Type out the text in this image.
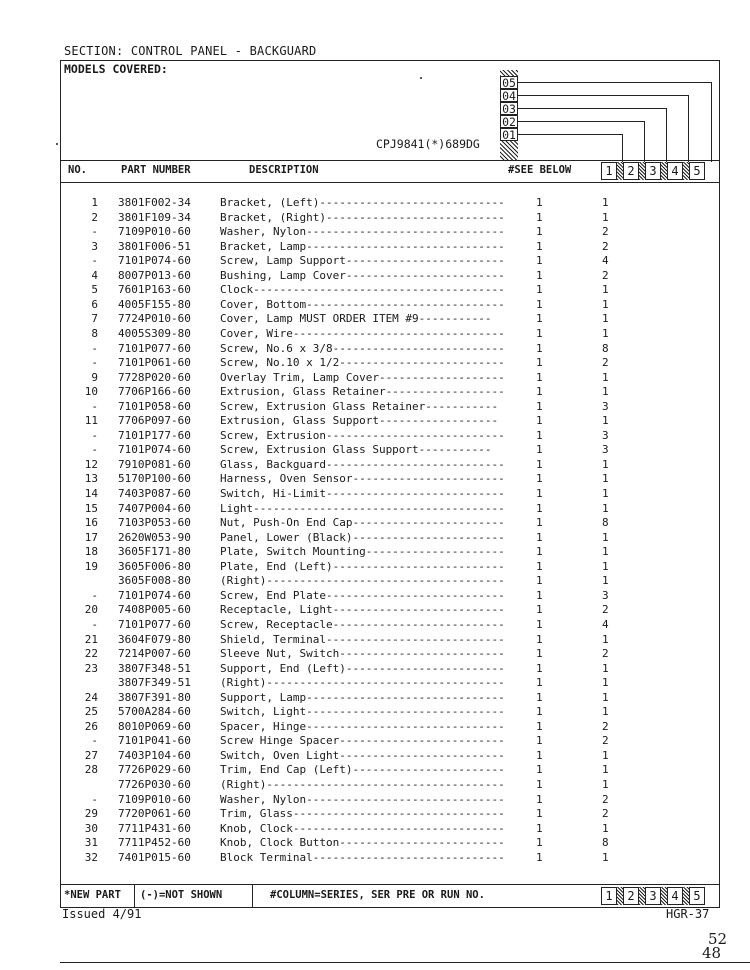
SECTION: CONTROL PANEL - BACKGUARD
MODELS COVERED:
CPJ9841(*)689DG
05
04
03
02
01
NO.	PART NUMBER	DESCRIPTION	#SEE BELOW	1	2	3	4	5
1 3801F002-34	Bracket, (Left)----------------------------	1	1
2 3801F109-34	Bracket, (Right)---------------------------	1	1
- 7109P010-60	Washer, Nylon------------------------------	1	2
3 3801F006-51	Bracket, Lamp------------------------------	1	2
- 7101P074-60	Screw, Lamp Support------------------------	1	4
4 8007P013-60	Bushing, Lamp Cover------------------------	1	2
5 7601P163-60	Clock--------------------------------------	1	1
6 4005F155-80	Cover, Bottom------------------------------	1	1
7 7724P010-60	Cover, Lamp MUST ORDER ITEM #9-----------	1	1
8 4005S309-80	Cover, Wire--------------------------------	1	1
- 7101P077-60	Screw, No.6 x 3/8--------------------------	1	8
- 7101P061-60	Screw, No.10 x 1/2-------------------------	1	2
9 7728P020-60	Overlay Trim, Lamp Cover-------------------	1	1
10 7706P166-60	Extrusion, Glass Retainer------------------	1	1
- 7101P058-60	Screw, Extrusion Glass Retainer-----------	1	3
11 7706P097-60	Extrusion, Glass Support------------------	1	1
- 7101P177-60	Screw, Extrusion---------------------------	1	3
- 7101P074-60	Screw, Extrusion Glass Support-----------	1	3
12 7910P081-60	Glass, Backguard---------------------------	1	1
13 5170P100-60	Harness, Oven Sensor-----------------------	1	1
14 7403P087-60	Switch, Hi-Limit---------------------------	1	1
15 7407P004-60	Light--------------------------------------	1	1
16 7103P053-60	Nut, Push-On End Cap-----------------------	1	8
17 2620W053-90	Panel, Lower (Black)-----------------------	1	1
18 3605F171-80	Plate, Switch Mounting---------------------	1	1
19 3605F006-80	Plate, End (Left)--------------------------	1	1
3605F008-80	(Right)------------------------------------	1	1
- 7101P074-60	Screw, End Plate---------------------------	1	3
20 7408P005-60	Receptacle, Light--------------------------	1	2
- 7101P077-60	Screw, Receptacle--------------------------	1	4
21 3604F079-80	Shield, Terminal---------------------------	1	1
22 7214P007-60	Sleeve Nut, Switch-------------------------	1	2
23 3807F348-51	Support, End (Left)------------------------	1	1
3807F349-51	(Right)------------------------------------	1	1
24 3807F391-80	Support, Lamp------------------------------	1	1
25 5700A284-60	Switch, Light------------------------------	1	1
26 8010P069-60	Spacer, Hinge------------------------------	1	2
- 7101P041-60	Screw Hinge Spacer-------------------------	1	2
27 7403P104-60	Switch, Oven Light-------------------------	1	1
28 7726P029-60	Trim, End Cap (Left)-----------------------	1	1
7726P030-60	(Right)------------------------------------	1	1
- 7109P010-60	Washer, Nylon------------------------------	1	2
29 7720P061-60	Trim, Glass--------------------------------	1	2
30 7711P431-60	Knob, Clock--------------------------------	1	1
31 7711P452-60	Knob, Clock Button-------------------------	1	8
32 7401P015-60	Block Terminal-----------------------------	1	1
*NEW PART (-)=NOT SHOWN	#COLUMN=SERIES, SER PRE OR RUN NO.	1	2	3	4	5
Issued 4/91	HGR-37
52
48
